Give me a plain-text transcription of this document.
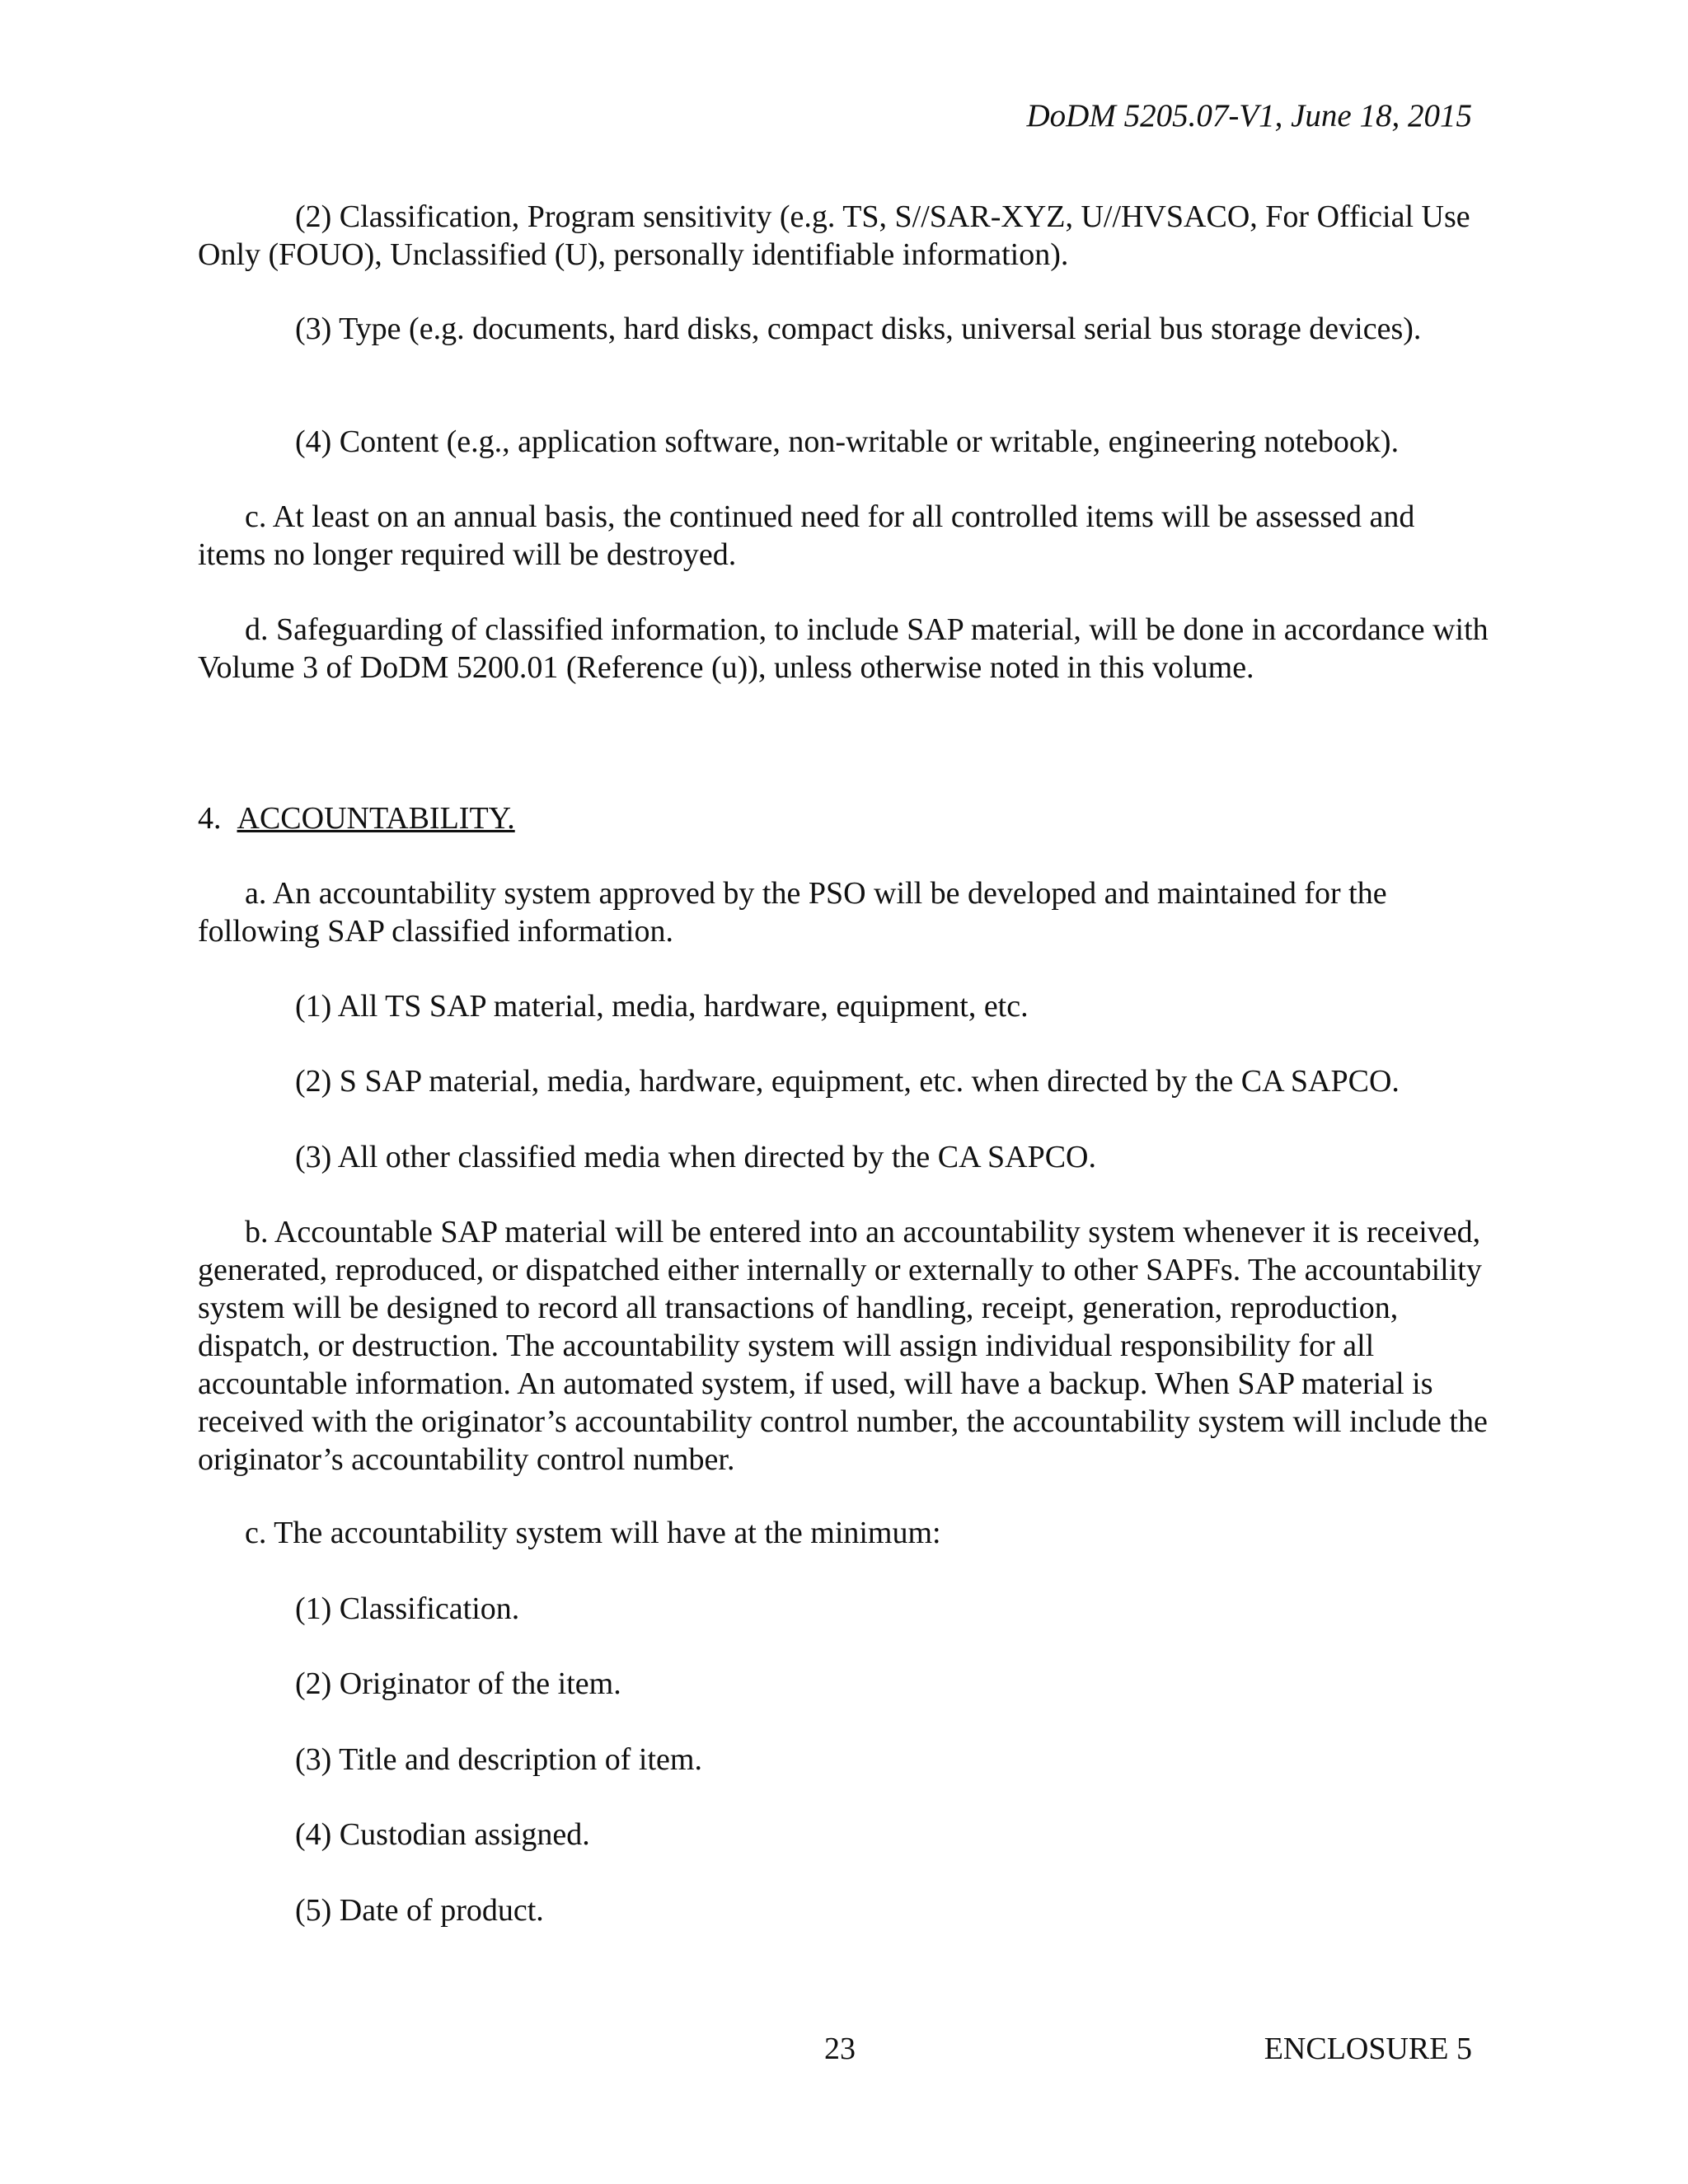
DoDM 5205.07-V1, June 18, 2015

(2) Classification, Program sensitivity (e.g. TS, S//SAR-XYZ, U//HVSACO, For Official Use Only (FOUO), Unclassified (U), personally identifiable information).

(3) Type (e.g. documents, hard disks, compact disks, universal serial bus storage devices).

(4) Content (e.g., application software, non-writable or writable, engineering notebook).

c. At least on an annual basis, the continued need for all controlled items will be assessed and items no longer required will be destroyed.

d. Safeguarding of classified information, to include SAP material, will be done in accordance with Volume 3 of DoDM 5200.01 (Reference (u)), unless otherwise noted in this volume.

4. ACCOUNTABILITY.

a. An accountability system approved by the PSO will be developed and maintained for the following SAP classified information.

(1) All TS SAP material, media, hardware, equipment, etc.

(2) S SAP material, media, hardware, equipment, etc. when directed by the CA SAPCO.

(3) All other classified media when directed by the CA SAPCO.

b. Accountable SAP material will be entered into an accountability system whenever it is received, generated, reproduced, or dispatched either internally or externally to other SAPFs. The accountability system will be designed to record all transactions of handling, receipt, generation, reproduction, dispatch, or destruction. The accountability system will assign individual responsibility for all accountable information. An automated system, if used, will have a backup. When SAP material is received with the originator’s accountability control number, the accountability system will include the originator’s accountability control number.

c. The accountability system will have at the minimum:

(1) Classification.

(2) Originator of the item.

(3) Title and description of item.

(4) Custodian assigned.

(5) Date of product.

23	ENCLOSURE 5
